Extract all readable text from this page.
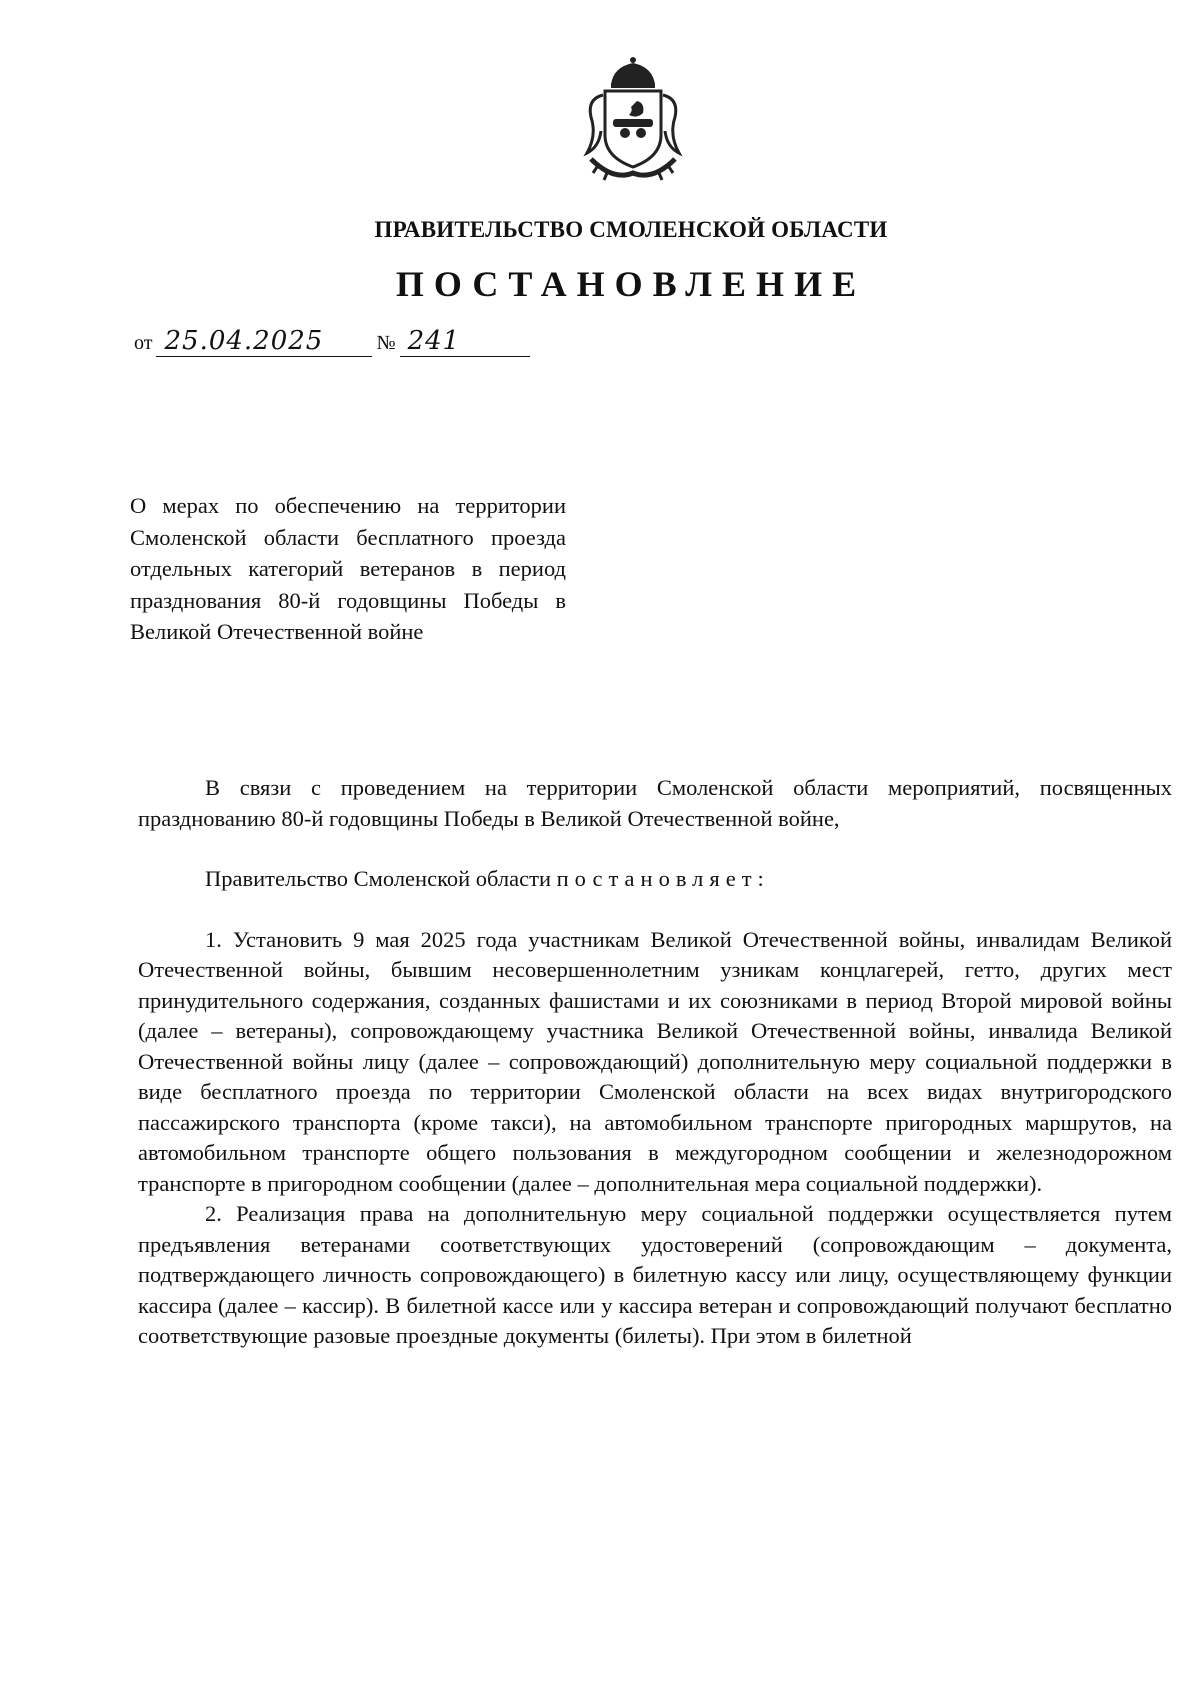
ПРАВИТЕЛЬСТВО СМОЛЕНСКОЙ ОБЛАСТИ
ПОСТАНОВЛЕНИЕ
от 25.04.2025	№ 241
О мерах по обеспечению на территории Смоленской области бесплатного проезда отдельных категорий ветеранов в период празднования 80-й годовщины Победы в Великой Отечественной войне

В связи с проведением на территории Смоленской области мероприятий, посвященных празднованию 80-й годовщины Победы в Великой Отечественной войне,

Правительство Смоленской области постановляет:

1. Установить 9 мая 2025 года участникам Великой Отечественной войны, инвалидам Великой Отечественной войны, бывшим несовершеннолетним узникам концлагерей, гетто, других мест принудительного содержания, созданных фашистами и их союзниками в период Второй мировой войны (далее – ветераны), сопровождающему участника Великой Отечественной войны, инвалида Великой Отечественной войны лицу (далее – сопровождающий) дополнительную меру социальной поддержки в виде бесплатного проезда по территории Смоленской области на всех видах внутригородского пассажирского транспорта (кроме такси), на автомобильном транспорте пригородных маршрутов, на автомобильном транспорте общего пользования в междугородном сообщении и железнодорожном транспорте в пригородном сообщении (далее – дополнительная мера социальной поддержки).

2. Реализация права на дополнительную меру социальной поддержки осуществляется путем предъявления ветеранами соответствующих удостоверений (сопровождающим – документа, подтверждающего личность сопровождающего) в билетную кассу или лицу, осуществляющему функции кассира (далее – кассир). В билетной кассе или у кассира ветеран и сопровождающий получают бесплатно соответствующие разовые проездные документы (билеты). При этом в билетной
